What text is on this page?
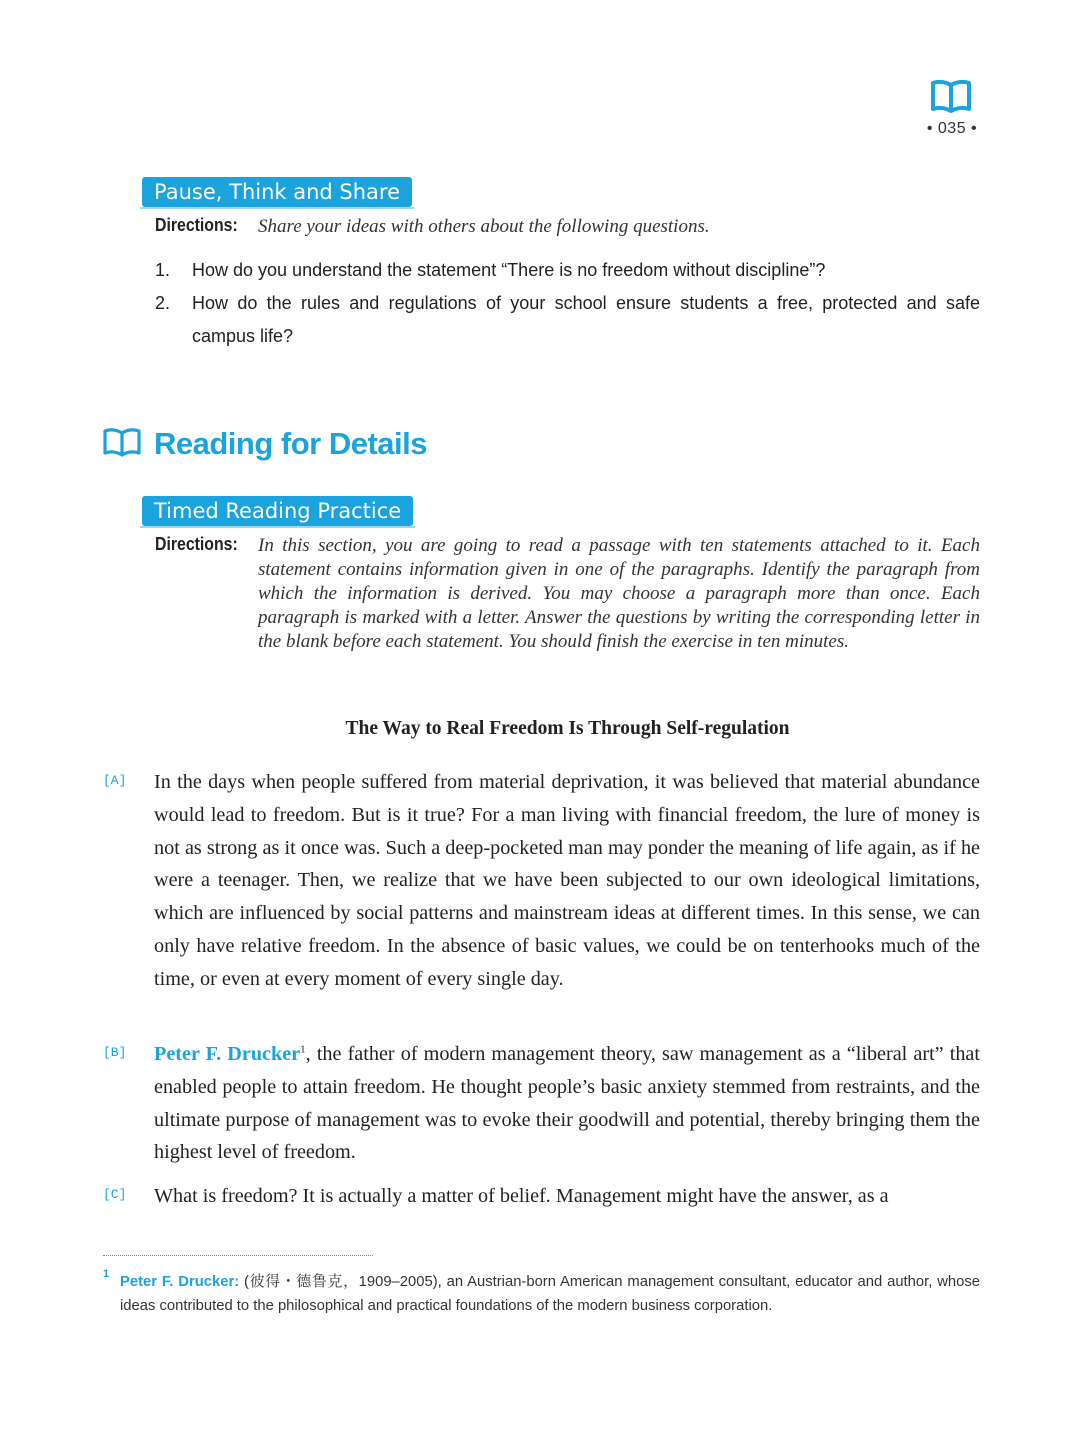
• 035 •
Pause, Think and Share
Directions: Share your ideas with others about the following questions.
1.	How do you understand the statement “There is no freedom without discipline”?
2.	How do the rules and regulations of your school ensure students a free, protected and safe campus life?
Reading for Details
Timed Reading Practice
Directions: In this section, you are going to read a passage with ten statements attached to it. Each statement contains information given in one of the paragraphs. Identify the paragraph from which the information is derived. You may choose a paragraph more than once. Each paragraph is marked with a letter. Answer the questions by writing the corresponding letter in the blank before each statement. You should finish the exercise in ten minutes.
The Way to Real Freedom Is Through Self-regulation
[A] In the days when people suffered from material deprivation, it was believed that material abundance would lead to freedom. But is it true? For a man living with financial freedom, the lure of money is not as strong as it once was. Such a deep-pocketed man may ponder the meaning of life again, as if he were a teenager. Then, we realize that we have been subjected to our own ideological limitations, which are influenced by social patterns and mainstream ideas at different times. In this sense, we can only have relative freedom. In the absence of basic values, we could be on tenterhooks much of the time, or even at every moment of every single day.
[B] Peter F. Drucker$^1$, the father of modern management theory, saw management as a “liberal art” that enabled people to attain freedom. He thought people’s basic anxiety stemmed from restraints, and the ultimate purpose of management was to evoke their goodwill and potential, thereby bringing them the highest level of freedom.
[C] What is freedom? It is actually a matter of belief. Management might have the answer, as a
1 Peter F. Drucker: (彼得・德鲁克，1909–2005), an Austrian-born American management consultant, educator and author, whose ideas contributed to the philosophical and practical foundations of the modern business corporation.
